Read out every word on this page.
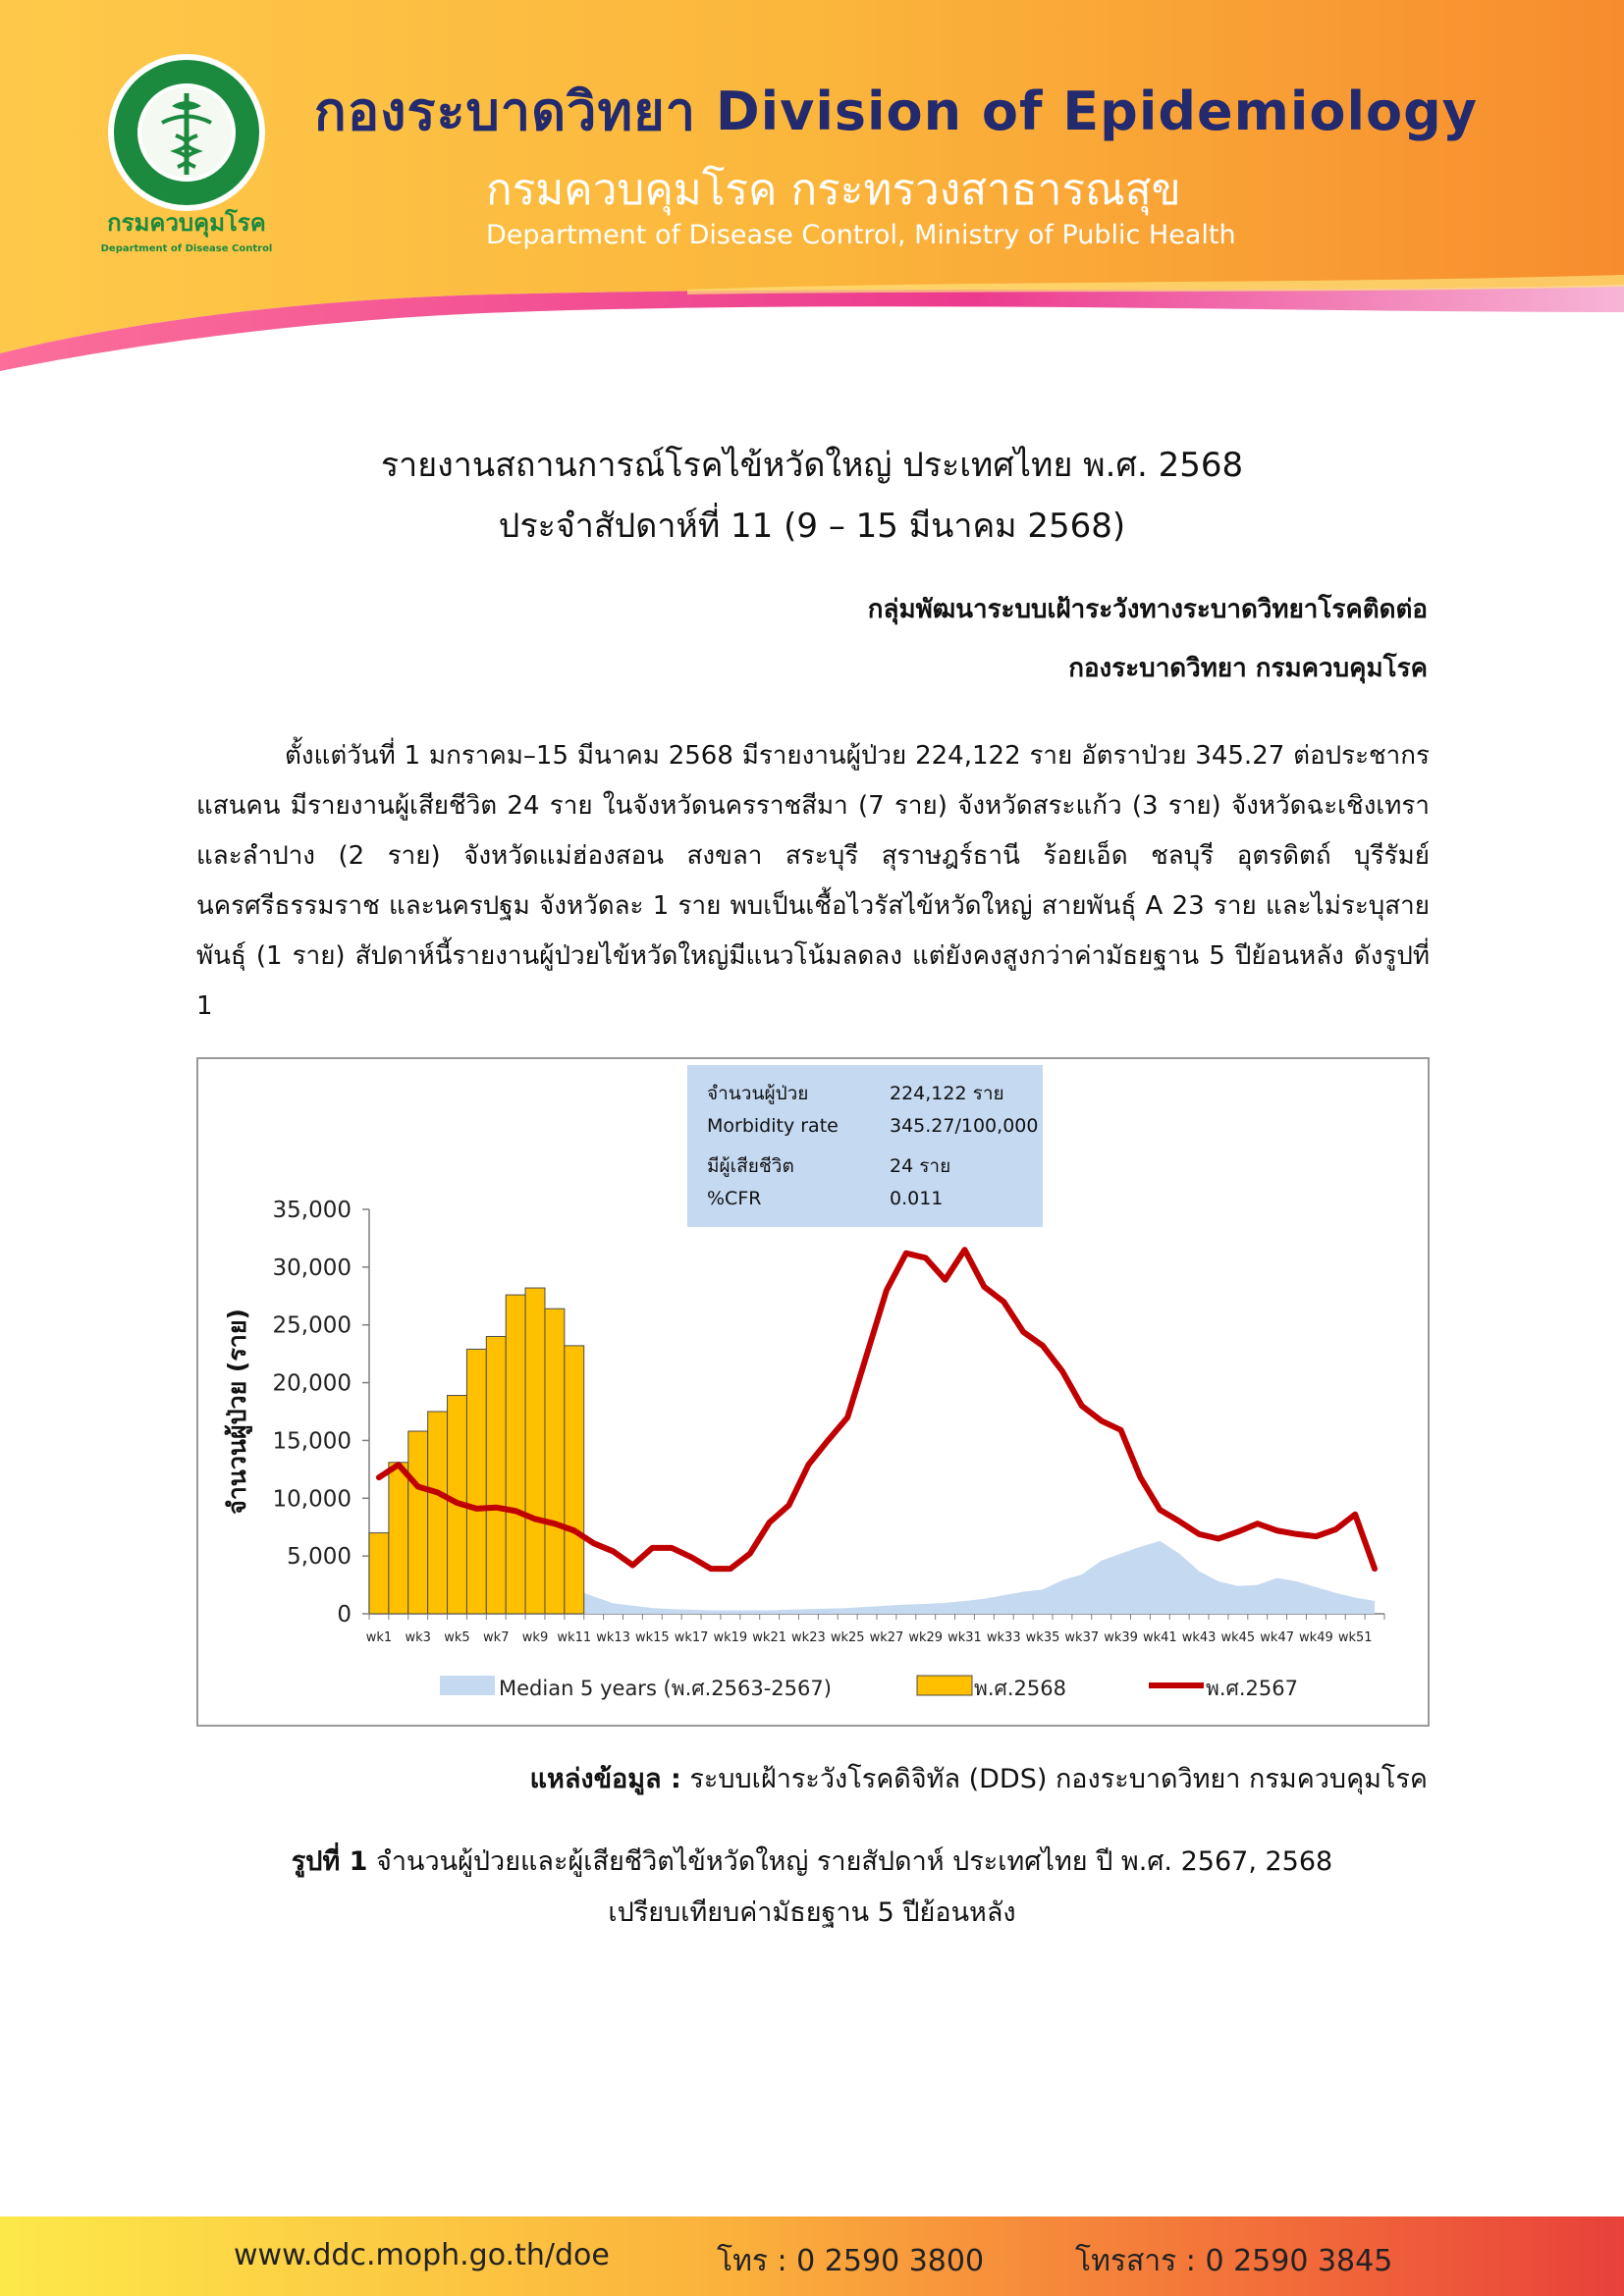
กรมควบคุมโรค
Department of Disease Control
กองระบาดวิทยา Division of Epidemiology
กรมควบคุมโรค กระทรวงสาธารณสุข
Department of Disease Control, Ministry of Public Health
รายงานสถานการณ์โรคไข้หวัดใหญ่ ประเทศไทย พ.ศ. 2568
ประจำสัปดาห์ที่ 11 (9 – 15 มีนาคม 2568)
กลุ่มพัฒนาระบบเฝ้าระวังทางระบาดวิทยาโรคติดต่อ
กองระบาดวิทยา กรมควบคุมโรค
ตั้งแต่วันที่ 1 มกราคม–15 มีนาคม 2568 มีรายงานผู้ป่วย 224,122 ราย อัตราป่วย 345.27 ต่อประชากรแสนคน มีรายงานผู้เสียชีวิต 24 ราย ในจังหวัดนครราชสีมา (7 ราย) จังหวัดสระแก้ว (3 ราย) จังหวัดฉะเชิงเทรา และลำปาง (2 ราย) จังหวัดแม่ฮ่องสอน สงขลา สระบุรี สุราษฎร์ธานี ร้อยเอ็ด ชลบุรี อุตรดิตถ์ บุรีรัมย์ นครศรีธรรมราช และนครปฐม จังหวัดละ 1 ราย พบเป็นเชื้อไวรัสไข้หวัดใหญ่ สายพันธุ์ A 23 ราย และไม่ระบุสายพันธุ์ (1 ราย) สัปดาห์นี้รายงานผู้ป่วยไข้หวัดใหญ่มีแนวโน้มลดลง แต่ยังคงสูงกว่าค่ามัธยฐาน 5 ปีย้อนหลัง ดังรูปที่ 1
0
5,000
10,000
15,000
20,000
25,000
30,000
35,000
wk1 wk3 wk5 wk7 wk9 wk11 wk13 wk15 wk17 wk19 wk21 wk23 wk25 wk27 wk29 wk31 wk33 wk35 wk37 wk39 wk41 wk43 wk45 wk47 wk49 wk51
จำนวนผู้ป่วย (ราย)
Median 5 years (พ.ศ.2563-2567)	พ.ศ.2568	พ.ศ.2567
จำนวนผู้ป่วย	224,122 ราย
Morbidity rate	345.27/100,000
มีผู้เสียชีวิต	24 ราย
%CFR	0.011
แหล่งข้อมูล : ระบบเฝ้าระวังโรคดิจิทัล (DDS) กองระบาดวิทยา กรมควบคุมโรค
รูปที่ 1 จำนวนผู้ป่วยและผู้เสียชีวิตไข้หวัดใหญ่ รายสัปดาห์ ประเทศไทย ปี พ.ศ. 2567, 2568
เปรียบเทียบค่ามัธยฐาน 5 ปีย้อนหลัง
www.ddc.moph.go.th/doe	โทร : 0 2590 3800	โทรสาร : 0 2590 3845
